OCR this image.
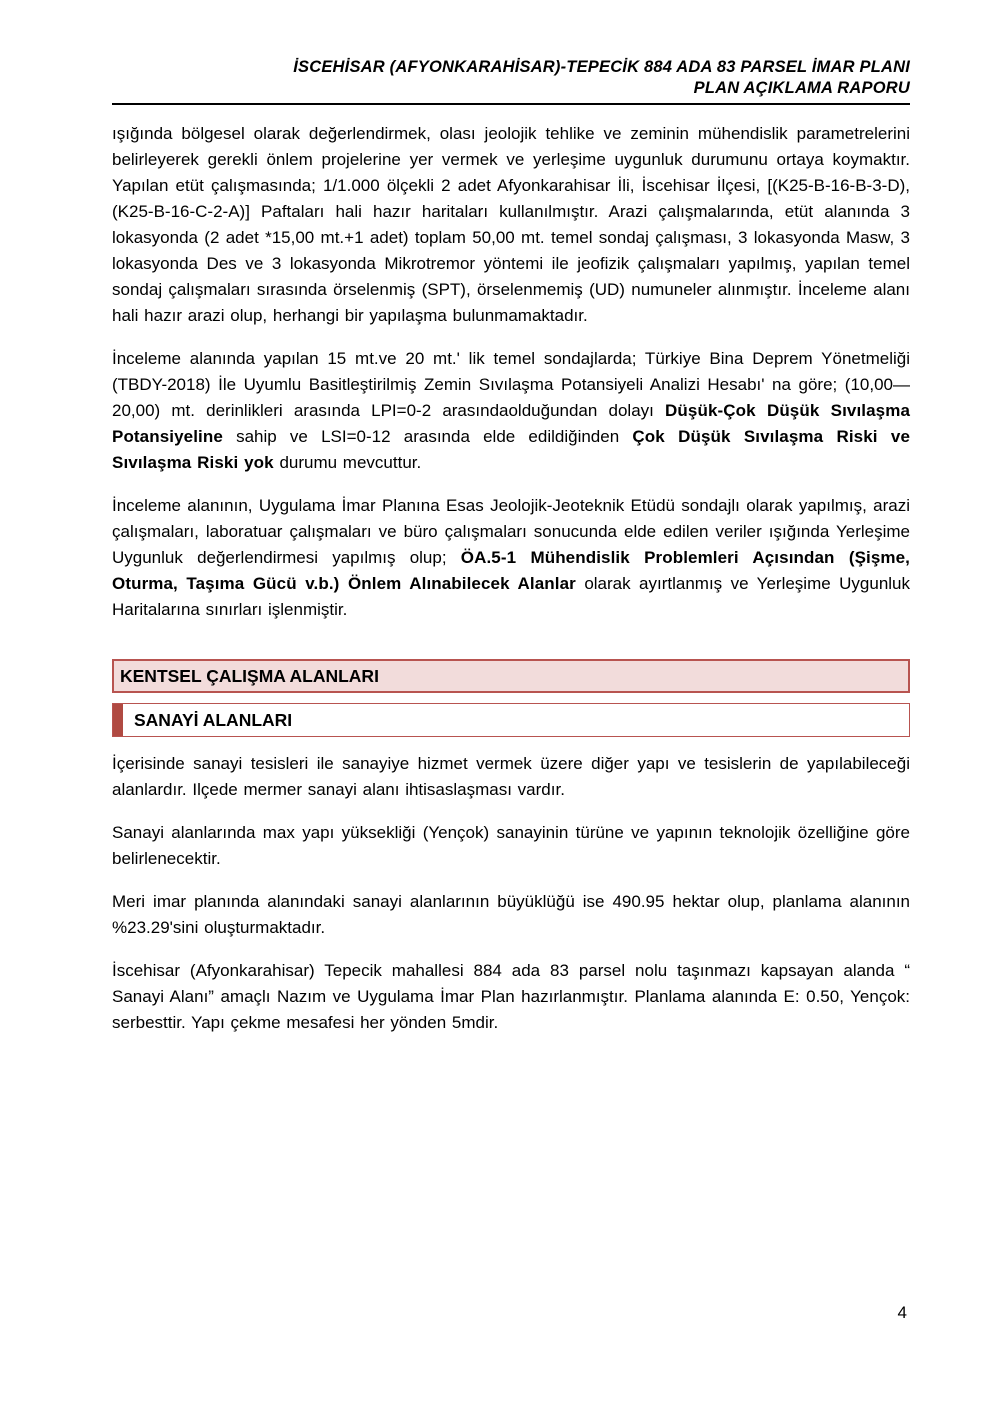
İSCEHİSAR (AFYONKARAHİSAR)-TEPECİK 884 ADA 83 PARSEL İMAR PLANI
PLAN AÇIKLAMA RAPORU

ışığında bölgesel olarak değerlendirmek, olası jeolojik tehlike ve zeminin mühendislik parametrelerini belirleyerek gerekli önlem projelerine yer vermek ve yerleşime uygunluk durumunu ortaya koymaktır. Yapılan etüt çalışmasında; 1/1.000 ölçekli 2 adet Afyonkarahisar İli, İscehisar İlçesi, [(K25-B-16-B-3-D), (K25-B-16-C-2-A)] Paftaları hali hazır haritaları kullanılmıştır. Arazi çalışmalarında, etüt alanında 3 lokasyonda (2 adet *15,00 mt.+1 adet) toplam 50,00 mt. temel sondaj çalışması, 3 lokasyonda Masw, 3 lokasyonda Des ve 3 lokasyonda Mikrotremor yöntemi ile jeofizik çalışmaları yapılmış, yapılan temel sondaj çalışmaları sırasında örselenmiş (SPT), örselenmemiş (UD) numuneler alınmıştır. İnceleme alanı hali hazır arazi olup, herhangi bir yapılaşma bulunmamaktadır.

İnceleme alanında yapılan 15 mt.ve 20 mt.' lik temel sondajlarda; Türkiye Bina Deprem Yönetmeliği (TBDY-2018) İle Uyumlu Basitleştirilmiş Zemin Sıvılaşma Potansiyeli Analizi Hesabı' na göre; (10,00—20,00) mt. derinlikleri arasında LPI=0-2 arasındaolduğundan dolayı Düşük-Çok Düşük Sıvılaşma Potansiyeline sahip ve LSI=0-12 arasında elde edildiğinden Çok Düşük Sıvılaşma Riski ve Sıvılaşma Riski yok durumu mevcuttur.

İnceleme alanının, Uygulama İmar Planına Esas Jeolojik-Jeoteknik Etüdü sondajlı olarak yapılmış, arazi çalışmaları, laboratuar çalışmaları ve büro çalışmaları sonucunda elde edilen veriler ışığında Yerleşime Uygunluk değerlendirmesi yapılmış olup; ÖA.5-1 Mühendislik Problemleri Açısından (Şişme, Oturma, Taşıma Gücü v.b.) Önlem Alınabilecek Alanlar olarak ayırtlanmış ve Yerleşime Uygunluk Haritalarına sınırları işlenmiştir.

KENTSEL ÇALIŞMA ALANLARI
SANAYİ ALANLARI

İçerisinde sanayi tesisleri ile sanayiye hizmet vermek üzere diğer yapı ve tesislerin de yapılabileceği alanlardır. Ilçede mermer sanayi alanı ihtisaslaşması vardır.

Sanayi alanlarında max yapı yüksekliği (Yençok) sanayinin türüne ve yapının teknolojik özelliğine göre belirlenecektir.

Meri imar planında alanındaki sanayi alanlarının büyüklüğü ise 490.95 hektar olup, planlama alanının %23.29'sini oluşturmaktadır.

İscehisar (Afyonkarahisar) Tepecik mahallesi 884 ada 83 parsel nolu taşınmazı kapsayan alanda “ Sanayi Alanı” amaçlı Nazım ve Uygulama İmar Plan hazırlanmıştır. Planlama alanında E: 0.50, Yençok: serbesttir. Yapı çekme mesafesi her yönden 5mdir.

4
